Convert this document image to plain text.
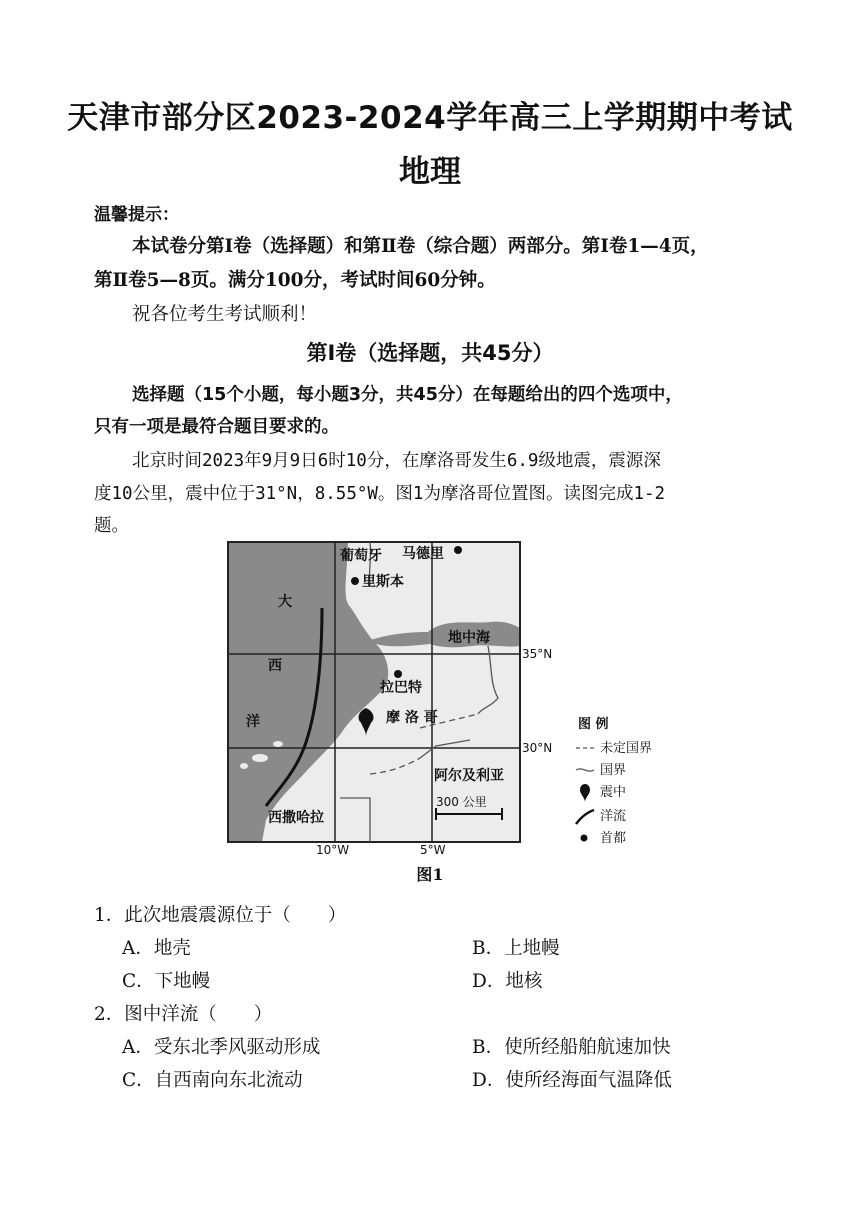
天津市部分区2023-2024学年高三上学期期中考试
地理
温馨提示：
本试卷分第Ⅰ卷（选择题）和第Ⅱ卷（综合题）两部分。第Ⅰ卷1—4页，
第Ⅱ卷5—8页。满分100分，考试时间60分钟。
祝各位考生考试顺利！
第Ⅰ卷（选择题，共45分）
选择题（15个小题，每小题3分，共45分）在每题给出的四个选项中，
只有一项是最符合题目要求的。
北京时间2023年9月9日6时10分，在摩洛哥发生6.9级地震，震源深
度10公里，震中位于31°N，8.55°W。图1为摩洛哥位置图。读图完成1-2
题。
葡萄牙 马德里
里斯本
大
西
洋
地中海
拉巴特
摩 洛 哥
阿尔及利亚
西撒哈拉
300 公里
35°N
30°N
10°W	5°W
图 例
未定国界
国界
震中
洋流
首都
图1
1．此次地震震源位于（　　）
A．地壳	B．上地幔
C．下地幔	D．地核
2．图中洋流（　　）
A．受东北季风驱动形成	B．使所经船舶航速加快
C．自西南向东北流动	D．使所经海面气温降低
